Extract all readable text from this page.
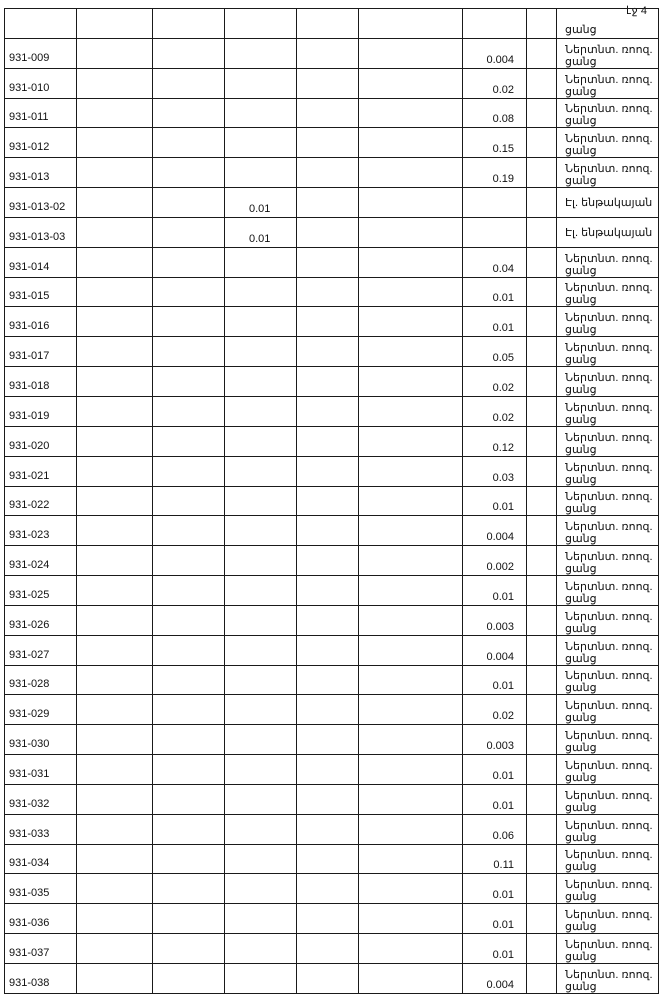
էջ 4
								ցանց
931-009						0.004		Ներտնտ. ռոոզ. ցանց
931-010						0.02		Ներտնտ. ռոոզ. ցանց
931-011						0.08		Ներտնտ. ռոոզ. ցանց
931-012						0.15		Ներտնտ. ռոոզ. ցանց
931-013						0.19		Ներտնտ. ռոոզ. ցանց
931-013-02			0.01					Էլ. ենթակայան
931-013-03			0.01					Էլ. ենթակայան
931-014						0.04		Ներտնտ. ռոոզ. ցանց
931-015						0.01		Ներտնտ. ռոոզ. ցանց
931-016						0.01		Ներտնտ. ռոոզ. ցանց
931-017						0.05		Ներտնտ. ռոոզ. ցանց
931-018						0.02		Ներտնտ. ռոոզ. ցանց
931-019						0.02		Ներտնտ. ռոոզ. ցանց
931-020						0.12		Ներտնտ. ռոոզ. ցանց
931-021						0.03		Ներտնտ. ռոոզ. ցանց
931-022						0.01		Ներտնտ. ռոոզ. ցանց
931-023						0.004		Ներտնտ. ռոոզ. ցանց
931-024						0.002		Ներտնտ. ռոոզ. ցանց
931-025						0.01		Ներտնտ. ռոոզ. ցանց
931-026						0.003		Ներտնտ. ռոոզ. ցանց
931-027						0.004		Ներտնտ. ռոոզ. ցանց
931-028						0.01		Ներտնտ. ռոոզ. ցանց
931-029						0.02		Ներտնտ. ռոոզ. ցանց
931-030						0.003		Ներտնտ. ռոոզ. ցանց
931-031						0.01		Ներտնտ. ռոոզ. ցանց
931-032						0.01		Ներտնտ. ռոոզ. ցանց
931-033						0.06		Ներտնտ. ռոոզ. ցանց
931-034						0.11		Ներտնտ. ռոոզ. ցանց
931-035						0.01		Ներտնտ. ռոոզ. ցանց
931-036						0.01		Ներտնտ. ռոոզ. ցանց
931-037						0.01		Ներտնտ. ռոոզ. ցանց
931-038						0.004		Ներտնտ. ռոոզ. ցանց
